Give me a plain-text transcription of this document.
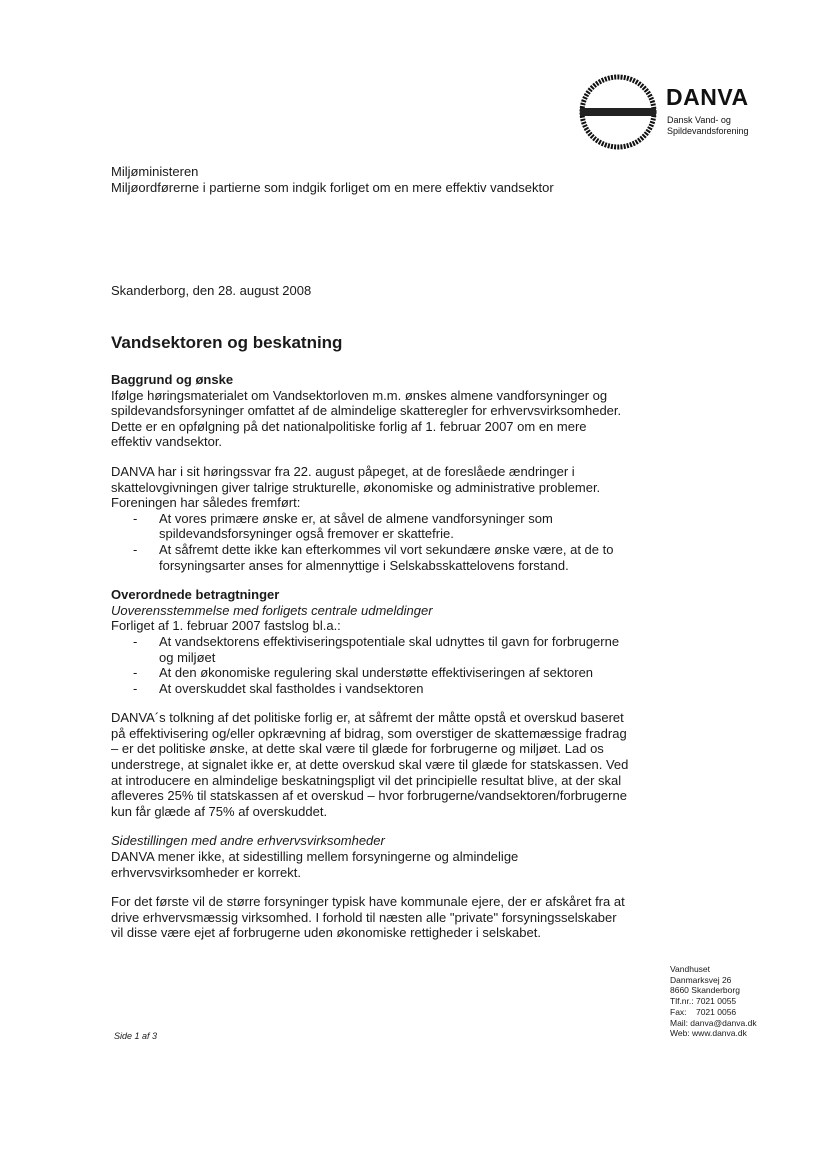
DANVA
Dansk Vand- og
Spildevandsforening
Miljøministeren
Miljøordførerne i partierne som indgik forliget om en mere effektiv vandsektor
Skanderborg, den 28. august 2008
Vandsektoren og beskatning

Baggrund og ønske

Ifølge høringsmaterialet om Vandsektorloven m.m. ønskes almene vandforsyninger og spildevandsforsyninger omfattet af de almindelige skatteregler for erhvervsvirksomheder. Dette er en opfølgning på det nationalpolitiske forlig af 1. februar 2007 om en mere effektiv vandsektor.

DANVA har i sit høringssvar fra 22. august påpeget, at de foreslåede ændringer i skattelovgivningen giver talrige strukturelle, økonomiske og administrative problemer. Foreningen har således fremført:

- At vores primære ønske er, at såvel de almene vandforsyninger som spildevandsforsyninger også fremover er skattefrie.
- At såfremt dette ikke kan efterkommes vil vort sekundære ønske være, at de to forsyningsarter anses for almennyttige i Selskabsskattelovens forstand.

Overordnede betragtninger

Uoverensstemmelse med forligets centrale udmeldinger

Forliget af 1. februar 2007 fastslog bl.a.:

- At vandsektorens effektiviseringspotentiale skal udnyttes til gavn for forbrugerne og miljøet
- At den økonomiske regulering skal understøtte effektiviseringen af sektoren
- At overskuddet skal fastholdes i vandsektoren

DANVA´s tolkning af det politiske forlig er, at såfremt der måtte opstå et overskud baseret på effektivisering og/eller opkrævning af bidrag, som overstiger de skattemæssige fradrag – er det politiske ønske, at dette skal være til glæde for forbrugerne og miljøet. Lad os understrege, at signalet ikke er, at dette overskud skal være til glæde for statskassen. Ved at introducere en almindelige beskatningspligt vil det principielle resultat blive, at der skal afleveres 25% til statskassen af et overskud – hvor forbrugerne/vandsektoren/forbrugerne kun får glæde af 75% af overskuddet.

Sidestillingen med andre erhvervsvirksomheder

DANVA mener ikke, at sidestilling mellem forsyningerne og almindelige erhvervsvirksomheder er korrekt.

For det første vil de større forsyninger typisk have kommunale ejere, der er afskåret fra at drive erhvervsmæssig virksomhed. I forhold til næsten alle "private" forsyningsselskaber vil disse være ejet af forbrugerne uden økonomiske rettigheder i selskabet.

Vandhuset
Danmarksvej 26
8660 Skanderborg
Tlf.nr.: 7021 0055
Fax:    7021 0056
Mail: danva@danva.dk
Web: www.danva.dk
Side 1 af 3
